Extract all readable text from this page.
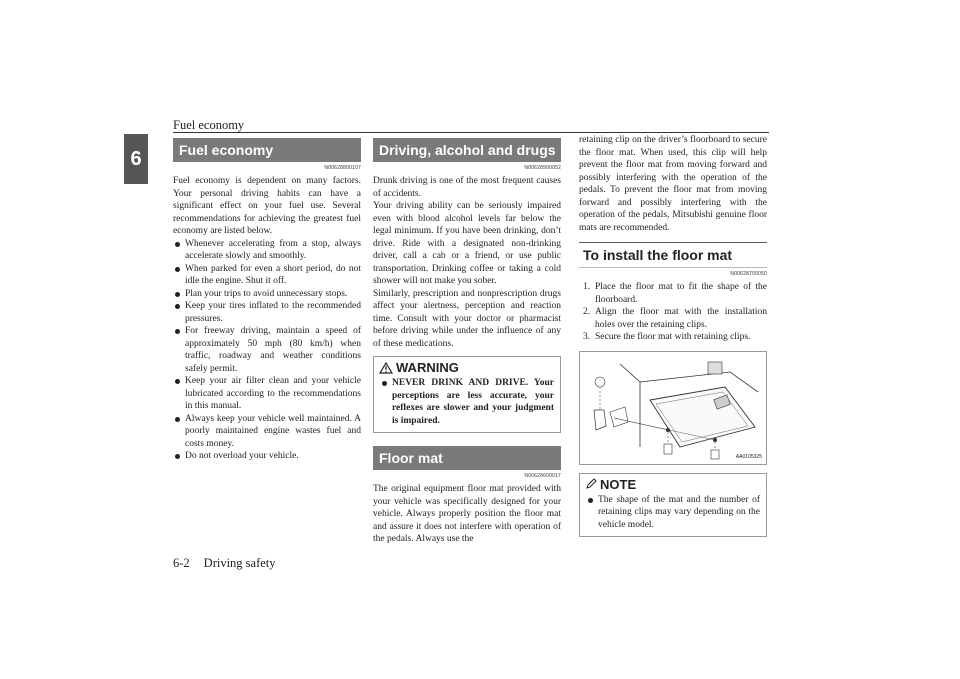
Fuel economy
6	Fuel economy
N00628800107

Fuel economy is dependent on many factors. Your personal driving habits can have a significant effect on your fuel use. Several recommendations for achieving the greatest fuel economy are listed below.

Whenever accelerating from a stop, always accelerate slowly and smoothly.
When parked for even a short period, do not idle the engine. Shut it off.
Plan your trips to avoid unnecessary stops.
Keep your tires inflated to the recommended pressures.
For freeway driving, maintain a speed of approximately 50 mph (80 km/h) when traffic, roadway and weather conditions safely permit.
Keep your air filter clean and your vehicle lubricated according to the recommendations in this manual.
Always keep your vehicle well maintained. A poorly maintained engine wastes fuel and costs money.
Do not overload your vehicle.
Driving, alcohol and drugs
N00628900052

Drunk driving is one of the most frequent causes of accidents.

Your driving ability can be seriously impaired even with blood alcohol levels far below the legal minimum. If you have been drinking, don’t drive. Ride with a designated non-drinking driver, call a cab or a friend, or use public transportation. Drinking coffee or taking a cold shower will not make you sober.

Similarly, prescription and nonprescription drugs affect your alertness, perception and reaction time. Consult with your doctor or pharmacist before driving while under the influence of any of these medications.

WARNING
NEVER DRINK AND DRIVE. Your perceptions are less accurate, your reflexes are slower and your judgment is impaired.
Floor mat
N00628600017

The original equipment floor mat provided with your vehicle was specifically designed for your vehicle. Always properly position the floor mat and assure it does not interfere with operation of the pedals. Always use the

retaining clip on the driver’s floorboard to secure the floor mat. When used, this clip will help prevent the floor mat from moving forward and possibly interfering with the operation of the pedals. To prevent the floor mat from moving forward and possibly interfering with the operation of the pedals, Mitsubishi genuine floor mats are recommended.

To install the floor mat
N00628700050
1. Place the floor mat to fit the shape of the floorboard.
2. Align the floor mat with the installation holes over the retaining clips.
3. Secure the floor mat with retaining clips.
AA0105325
NOTE
The shape of the mat and the number of retaining clips may vary depending on the vehicle model.
6-2 Driving safety
